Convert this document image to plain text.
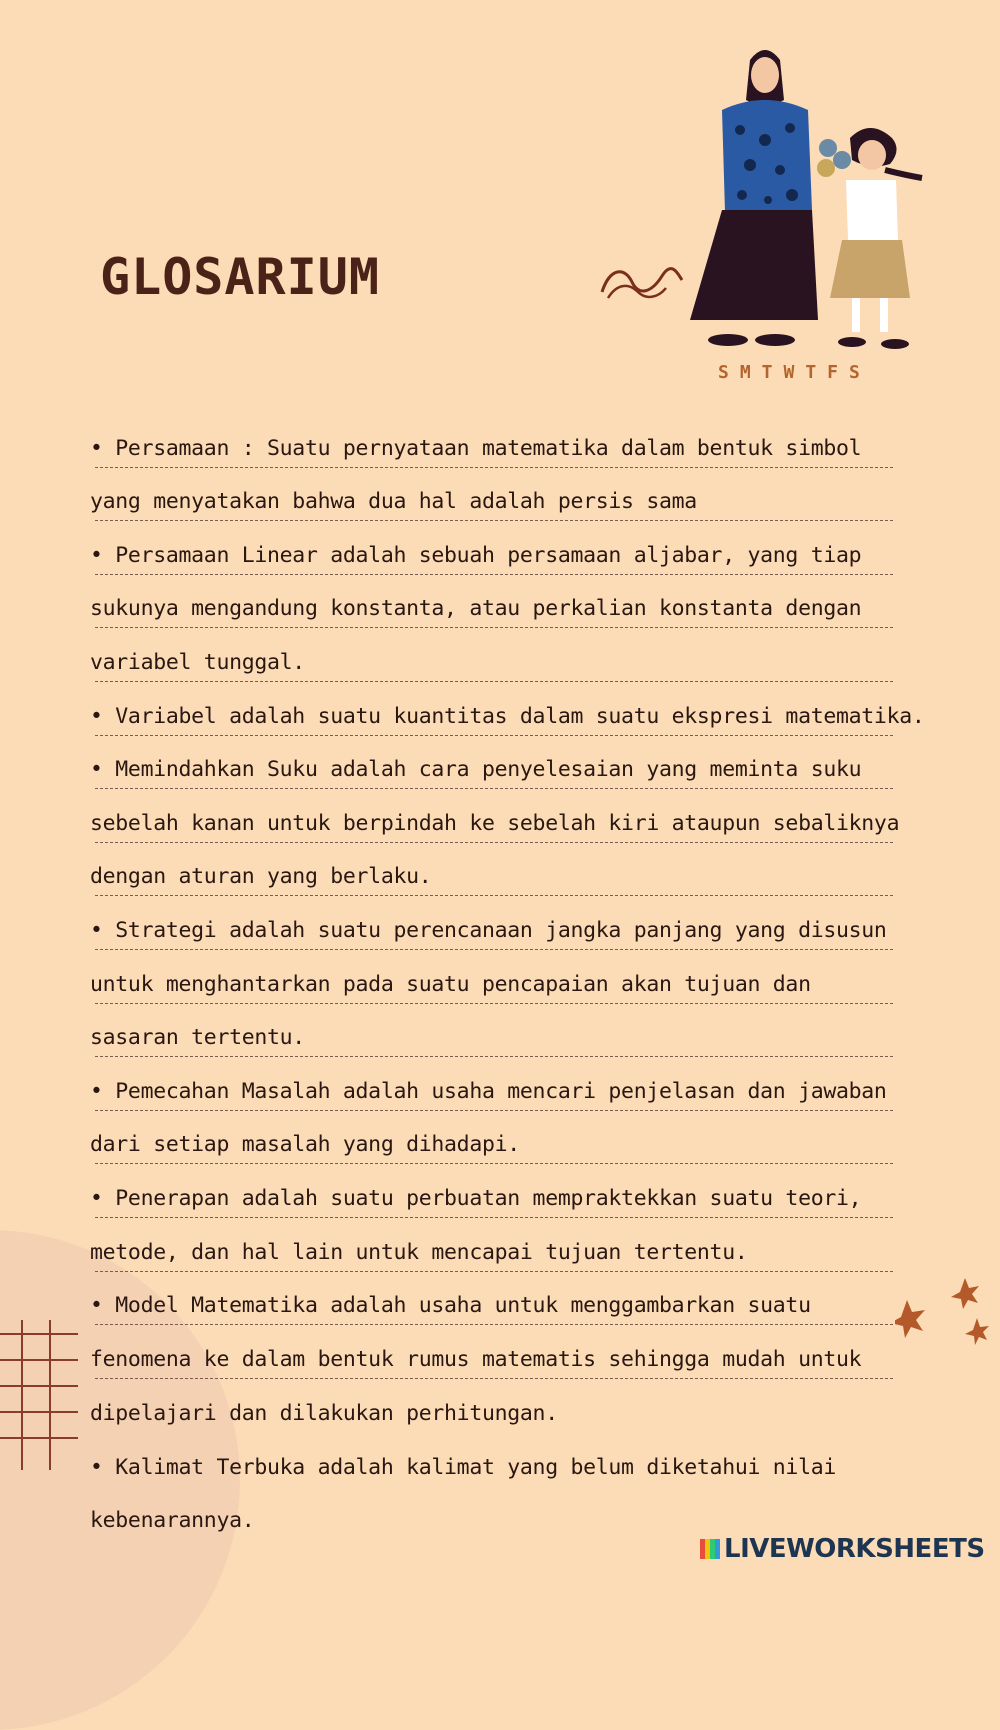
GLOSARIUM
SMTWTFS
• Persamaan : Suatu pernyataan matematika dalam bentuk simbol
yang menyatakan bahwa dua hal adalah persis sama
• Persamaan Linear adalah sebuah persamaan aljabar, yang tiap
sukunya mengandung konstanta, atau perkalian konstanta dengan
variabel tunggal.
• Variabel adalah suatu kuantitas dalam suatu ekspresi matematika.
• Memindahkan Suku adalah cara penyelesaian yang meminta suku
sebelah kanan untuk berpindah ke sebelah kiri ataupun sebaliknya
dengan aturan yang berlaku.
• Strategi adalah suatu perencanaan jangka panjang yang disusun
untuk menghantarkan pada suatu pencapaian akan tujuan dan
sasaran tertentu.
• Pemecahan Masalah adalah usaha mencari penjelasan dan jawaban
dari setiap masalah yang dihadapi.
• Penerapan adalah suatu perbuatan mempraktekkan suatu teori,
metode, dan hal lain untuk mencapai tujuan tertentu.
• Model Matematika adalah usaha untuk menggambarkan suatu
fenomena ke dalam bentuk rumus matematis sehingga mudah untuk
dipelajari dan dilakukan perhitungan.
• Kalimat Terbuka adalah kalimat yang belum diketahui nilai
kebenarannya.
LIVEWORKSHEETS
